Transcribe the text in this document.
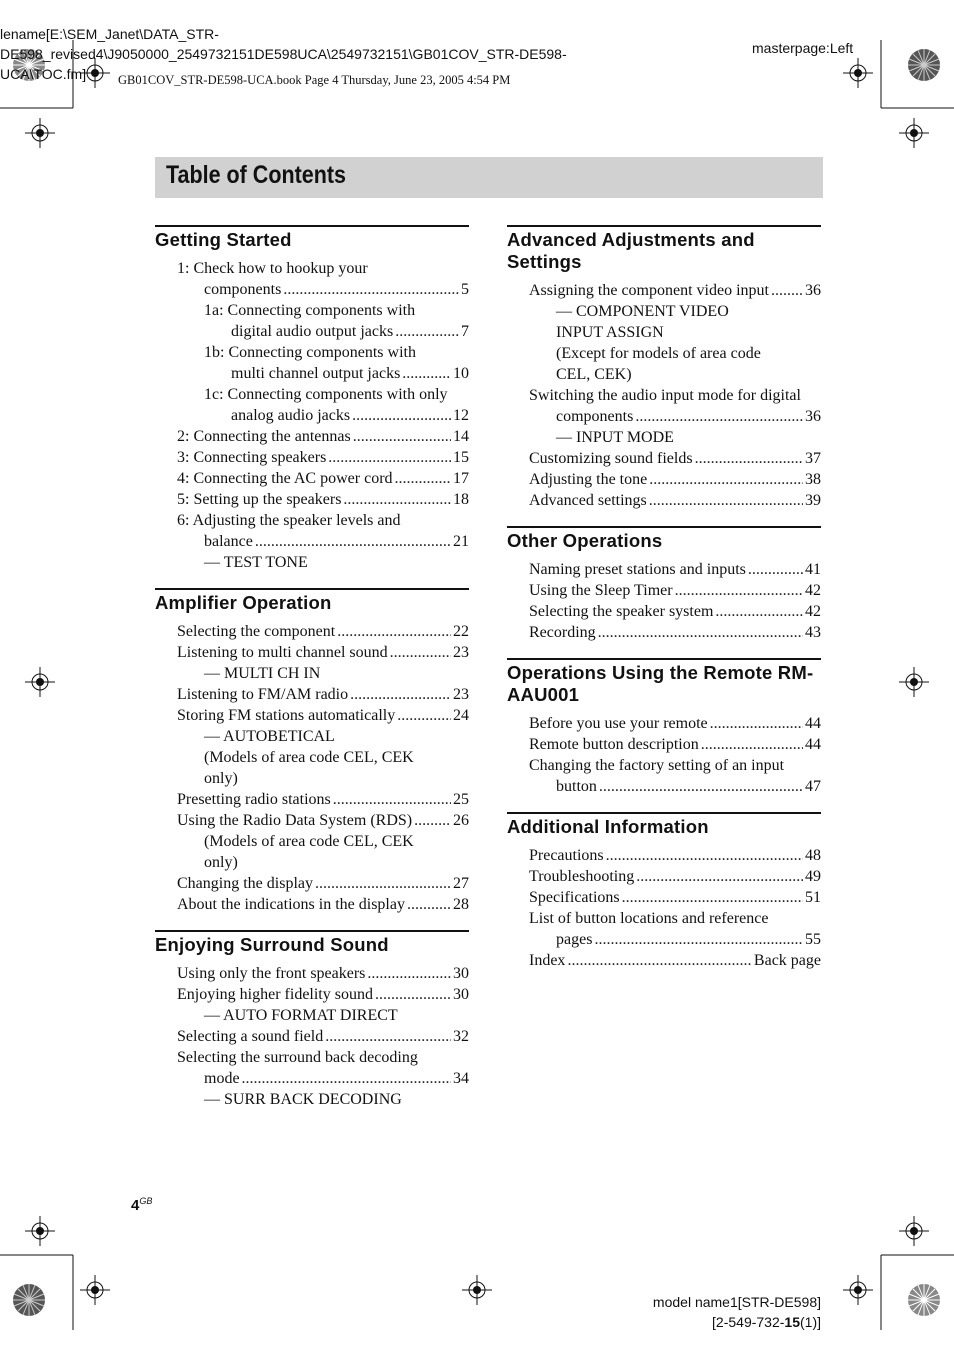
lename[E:\SEM_Janet\DATA_STR-
DE598_revised4\J9050000_2549732151DE598UCA\2549732151\GB01COV_STR-DE598-
UCA\TOC.fm]	GB01COV_STR-DE598-UCA.book Page 4 Thursday, June 23, 2005 4:54 PM
masterpage:Left
Table of Contents
Getting Started
1: Check how to hookup your
components .....	5
1a: Connecting components with
digital audio output jacks .....	7
1b: Connecting components with
multi channel output jacks .....	10
1c: Connecting components with only
analog audio jacks .....	12
2: Connecting the antennas .....	14
3: Connecting speakers .....	15
4: Connecting the AC power cord .....	17
5: Setting up the speakers .....	18
6: Adjusting the speaker levels and
balance .....	21
— TEST TONE
Amplifier Operation
Selecting the component .....	22
Listening to multi channel sound .....	23
— MULTI CH IN
Listening to FM/AM radio .....	23
Storing FM stations automatically .....	24
— AUTOBETICAL
(Models of area code CEL, CEK
only)
Presetting radio stations .....	25
Using the Radio Data System (RDS) .....	26
(Models of area code CEL, CEK
only)
Changing the display .....	27
About the indications in the display .....	28
Enjoying Surround Sound
Using only the front speakers .....	30
Enjoying higher fidelity sound .....	30
— AUTO FORMAT DIRECT
Selecting a sound field .....	32
Selecting the surround back decoding
mode .....	34
— SURR BACK DECODING
Advanced Adjustments and Settings
Assigning the component video input ..... 36
— COMPONENT VIDEO
INPUT ASSIGN
(Except for models of area code
CEL, CEK)
Switching the audio input mode for digital
components .....	36
— INPUT MODE
Customizing sound fields .....	37
Adjusting the tone .....	38
Advanced settings .....	39
Other Operations
Naming preset stations and inputs .....	41
Using the Sleep Timer .....	42
Selecting the speaker system .....	42
Recording .....	43
Operations Using the Remote RM-AAU001
Before you use your remote .....	44
Remote button description .....	44
Changing the factory setting of an input
button .....	47
Additional Information
Precautions .....	48
Troubleshooting .....	49
Specifications .....	51
List of button locations and reference
pages .....	55
Index .....	Back page
$4^{GB}$
model name1[STR-DE598]
[2-549-732-15(1)]
